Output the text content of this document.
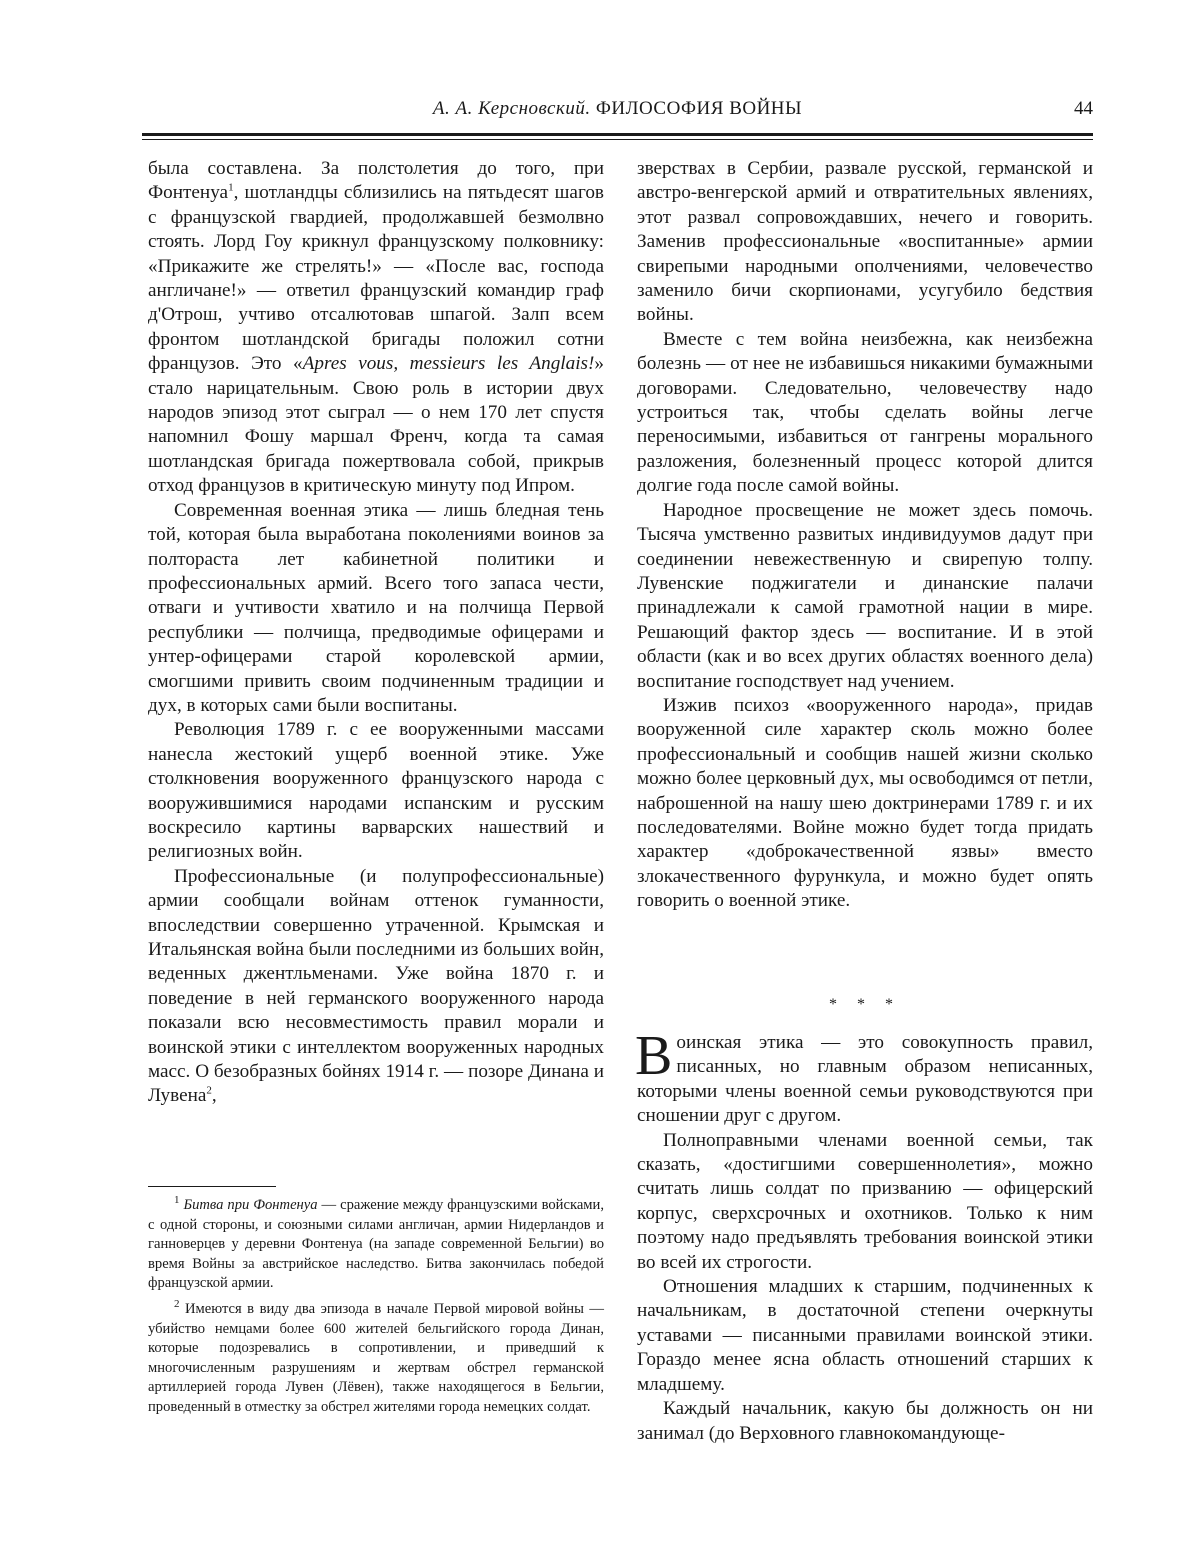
А. А. Керсновский. ФИЛОСОФИЯ ВОЙНЫ	44

была составлена. За полстолетия до того, при Фонтенуа$^1$, шотландцы сблизились на пятьдесят шагов с французской гвардией, продолжавшей безмолвно стоять. Лорд Гоу крикнул французскому полковнику: «Прикажите же стрелять!» — «После вас, господа англичане!» — ответил французский командир граф д'Отрош, учтиво отсалютовав шпагой. Залп всем фронтом шотландской бригады положил сотни французов. Это «Apres vous, messieurs les Anglais!» стало нарицательным. Свою роль в истории двух народов эпизод этот сыграл — о нем 170 лет спустя напомнил Фошу маршал Френч, когда та самая шотландская бригада пожертвовала собой, прикрыв отход французов в критическую минуту под Ипром.

Современная военная этика — лишь бледная тень той, которая была выработана поколениями воинов за полтораста лет кабинетной политики и профессиональных армий. Всего того запаса чести, отваги и учтивости хватило и на полчища Первой республики — полчища, предводимые офицерами и унтер-офицерами старой королевской армии, смогшими привить своим подчиненным традиции и дух, в которых сами были воспитаны.

Революция 1789 г. с ее вооруженными массами нанесла жестокий ущерб военной этике. Уже столкновения вооруженного французского народа с вооружившимися народами испанским и русским воскресило картины варварских нашествий и религиозных войн.

Профессиональные (и полупрофессиональные) армии сообщали войнам оттенок гуманности, впоследствии совершенно утраченной. Крымская и Итальянская война были последними из больших войн, веденных джентльменами. Уже война 1870 г. и поведение в ней германского вооруженного народа показали всю несовместимость правил морали и воинской этики с интеллектом вооруженных народных масс. О безобразных бойнях 1914 г. — позоре Динана и Лувена$^2$,

$^1$ Битва при Фонтенуа — сражение между французскими войсками, с одной стороны, и союзными силами англичан, армии Нидерландов и ганноверцев у деревни Фонтенуа (на западе современной Бельгии) во время Войны за австрийское наследство. Битва закончилась победой французской армии.

$^2$ Имеются в виду два эпизода в начале Первой мировой войны — убийство немцами более 600 жителей бельгийского города Динан, которые подозревались в сопротивлении, и приведший к многочисленным разрушениям и жертвам обстрел германской артиллерией города Лувен (Лёвен), также находящегося в Бельгии, проведенный в отместку за обстрел жителями города немецких солдат.

зверствах в Сербии, развале русской, германской и австро-венгерской армий и отвратительных явлениях, этот развал сопровождавших, нечего и говорить. Заменив профессиональные «воспитанные» армии свирепыми народными ополчениями, человечество заменило бичи скорпионами, усугубило бедствия войны.

Вместе с тем война неизбежна, как неизбежна болезнь — от нее не избавишься никакими бумажными договорами. Следовательно, человечеству надо устроиться так, чтобы сделать войны легче переносимыми, избавиться от гангрены морального разложения, болезненный процесс которой длится долгие года после самой войны.

Народное просвещение не может здесь помочь. Тысяча умственно развитых индивидуумов дадут при соединении невежественную и свирепую толпу. Лувенские поджигатели и динанские палачи принадлежали к самой грамотной нации в мире. Решающий фактор здесь — воспитание. И в этой области (как и во всех других областях военного дела) воспитание господствует над учением.

Изжив психоз «вооруженного народа», придав вооруженной силе характер сколь можно более профессиональный и сообщив нашей жизни сколько можно более церковный дух, мы освободимся от петли, наброшенной на нашу шею доктринерами 1789 г. и их последователями. Войне можно будет тогда придать характер «доброкачественной язвы» вместо злокачественного фурункула, и можно будет опять говорить о военной этике.

* * *

Воинская этика — это совокупность правил, писанных, но главным образом неписанных, которыми члены военной семьи руководствуются при сношении друг с другом.

Полноправными членами военной семьи, так сказать, «достигшими совершеннолетия», можно считать лишь солдат по призванию — офицерский корпус, сверхсрочных и охотников. Только к ним поэтому надо предъявлять требования воинской этики во всей их строгости.

Отношения младших к старшим, подчиненных к начальникам, в достаточной степени очеркнуты уставами — писанными правилами воинской этики. Гораздо менее ясна область отношений старших к младшему.

Каждый начальник, какую бы должность он ни занимал (до Верховного главнокомандующе-
